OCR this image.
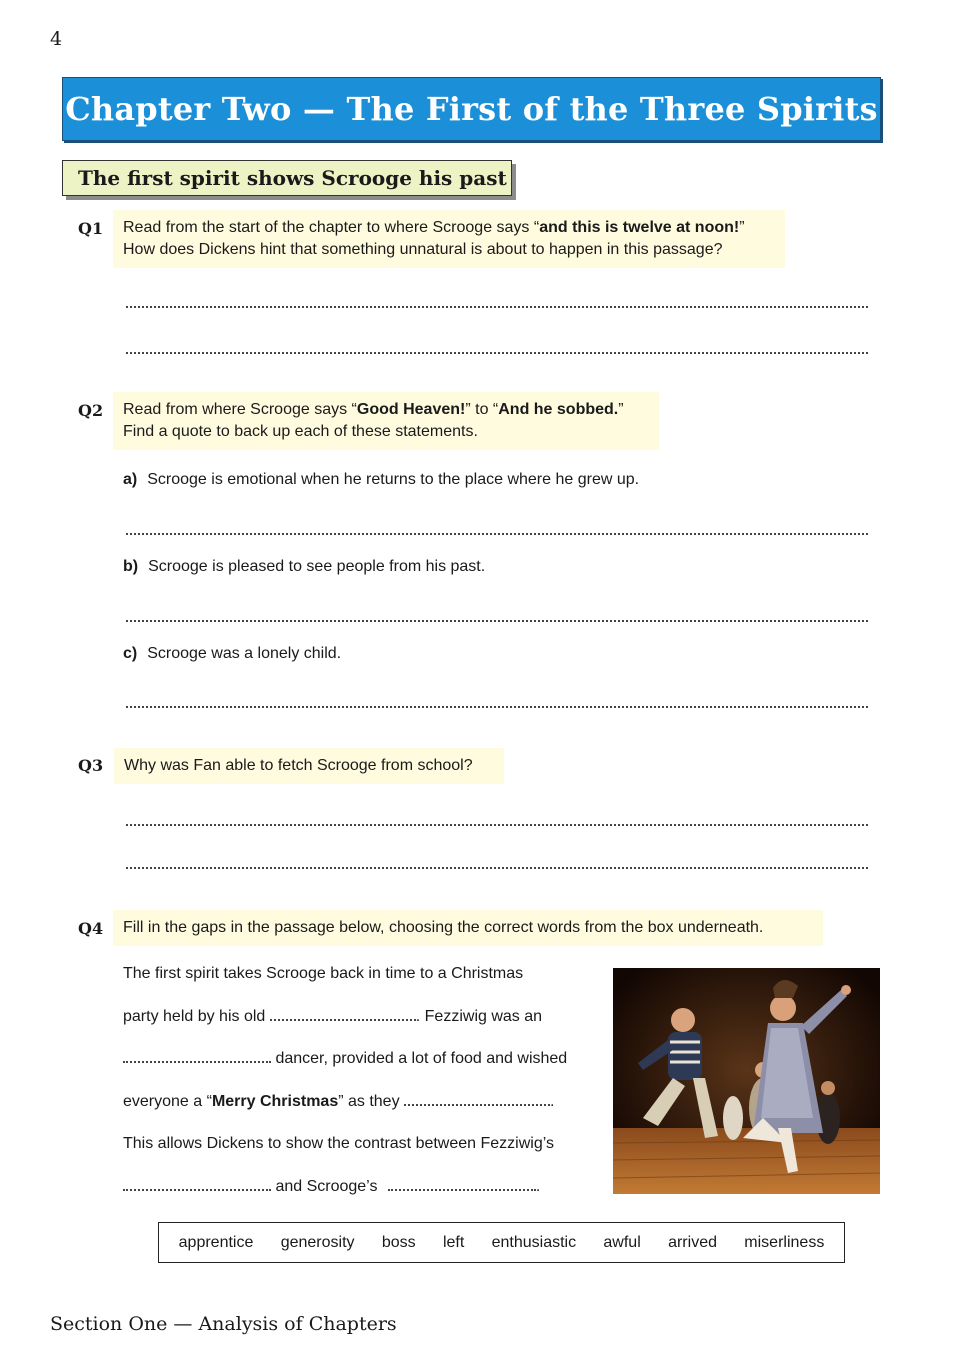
4
Chapter Two — The First of the Three Spirits
The first spirit shows Scrooge his past
Q1 Read from the start of the chapter to where Scrooge says “and this is twelve at noon!”
How does Dickens hint that something unnatural is about to happen in this passage?
Q2 Read from where Scrooge says “Good Heaven!” to “And he sobbed.”
Find a quote to back up each of these statements.
a) Scrooge is emotional when he returns to the place where he grew up.
b) Scrooge is pleased to see people from his past.
c) Scrooge was a lonely child.
Q3 Why was Fan able to fetch Scrooge from school?
Q4 Fill in the gaps in the passage below, choosing the correct words from the box underneath.
The first spirit takes Scrooge back in time to a Christmas
party held by his old	. Fezziwig was an
dancer, provided a lot of food and wished
everyone a “Merry Christmas” as they	.
This allows Dickens to show the contrast between Fezziwig’s
and Scrooge’s	.
apprentice generosity boss left enthusiastic awful arrived miserliness
Section One — Analysis of Chapters
